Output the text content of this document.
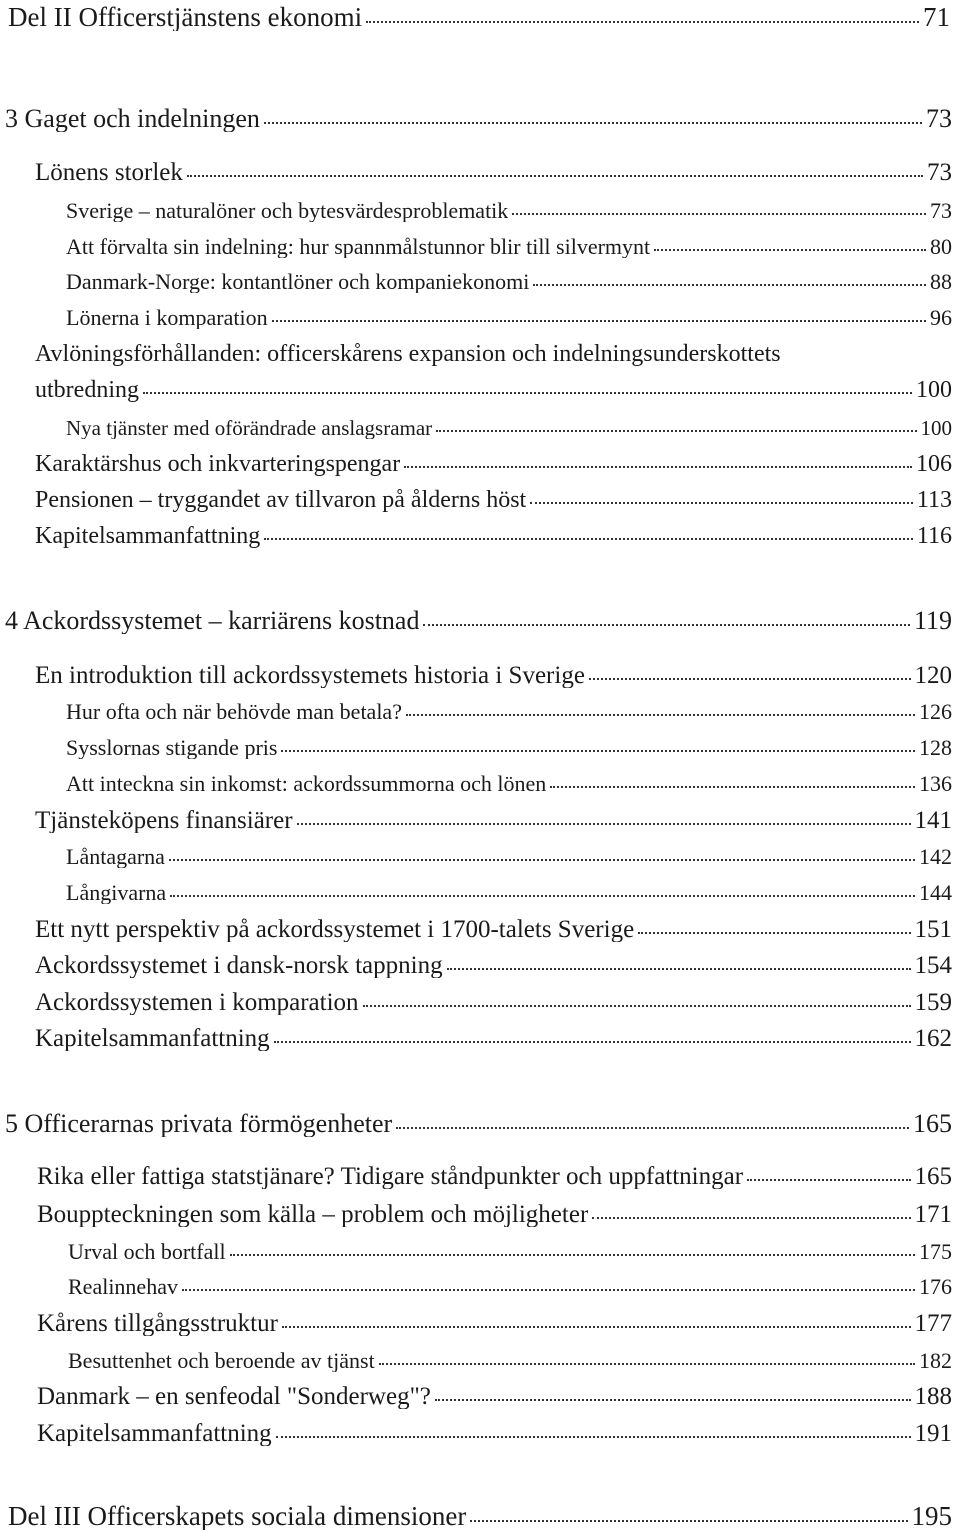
Del II Officerstjänstens ekonomi	71
3 Gaget och indelningen	73
Lönens storlek	73
Sverige – naturalöner och bytesvärdesproblematik	73
Att förvalta sin indelning: hur spannmålstunnor blir till silvermynt	80
Danmark-Norge: kontantlöner och kompaniekonomi	88
Lönerna i komparation	96
Avlöningsförhållanden: officerskårens expansion och indelningsunderskottets
utbredning	100
Nya tjänster med oförändrade anslagsramar	100
Karaktärshus och inkvarteringspengar	106
Pensionen – tryggandet av tillvaron på ålderns höst	113
Kapitelsammanfattning	116
4 Ackordssystemet – karriärens kostnad	119
En introduktion till ackordssystemets historia i Sverige	120
Hur ofta och när behövde man betala?	126
Sysslornas stigande pris	128
Att inteckna sin inkomst: ackordssummorna och lönen	136
Tjänsteköpens finansiärer	141
Låntagarna	142
Långivarna	144
Ett nytt perspektiv på ackordssystemet i 1700-talets Sverige	151
Ackordssystemet i dansk-norsk tappning	154
Ackordssystemen i komparation	159
Kapitelsammanfattning	162
5 Officerarnas privata förmögenheter	165
Rika eller fattiga statstjänare? Tidigare ståndpunkter och uppfattningar	165
Bouppteckningen som källa – problem och möjligheter	171
Urval och bortfall	175
Realinnehav	176
Kårens tillgångsstruktur	177
Besuttenhet och beroende av tjänst	182
Danmark – en senfeodal "Sonderweg"?	188
Kapitelsammanfattning	191
Del III Officerskapets sociala dimensioner	195
